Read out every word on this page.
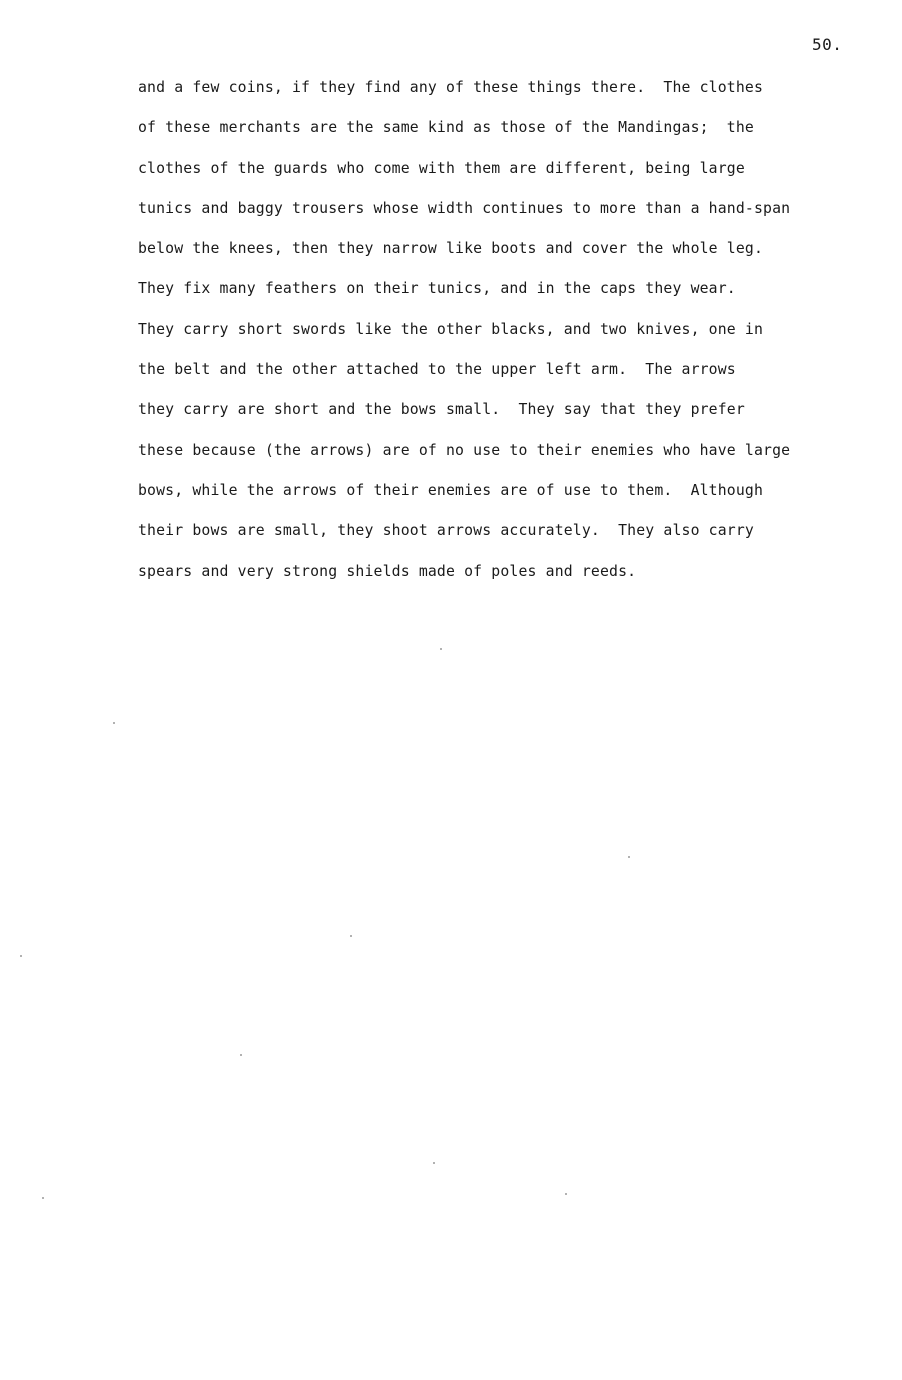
50.
and a few coins, if they find any of these things there.  The clothes
of these merchants are the same kind as those of the Mandingas;  the
clothes of the guards who come with them are different, being large
tunics and baggy trousers whose width continues to more than a hand-span
below the knees, then they narrow like boots and cover the whole leg.
They fix many feathers on their tunics, and in the caps they wear.
They carry short swords like the other blacks, and two knives, one in
the belt and the other attached to the upper left arm.  The arrows
they carry are short and the bows small.  They say that they prefer
these because (the arrows) are of no use to their enemies who have large
bows, while the arrows of their enemies are of use to them.  Although
their bows are small, they shoot arrows accurately.  They also carry
spears and very strong shields made of poles and reeds.
